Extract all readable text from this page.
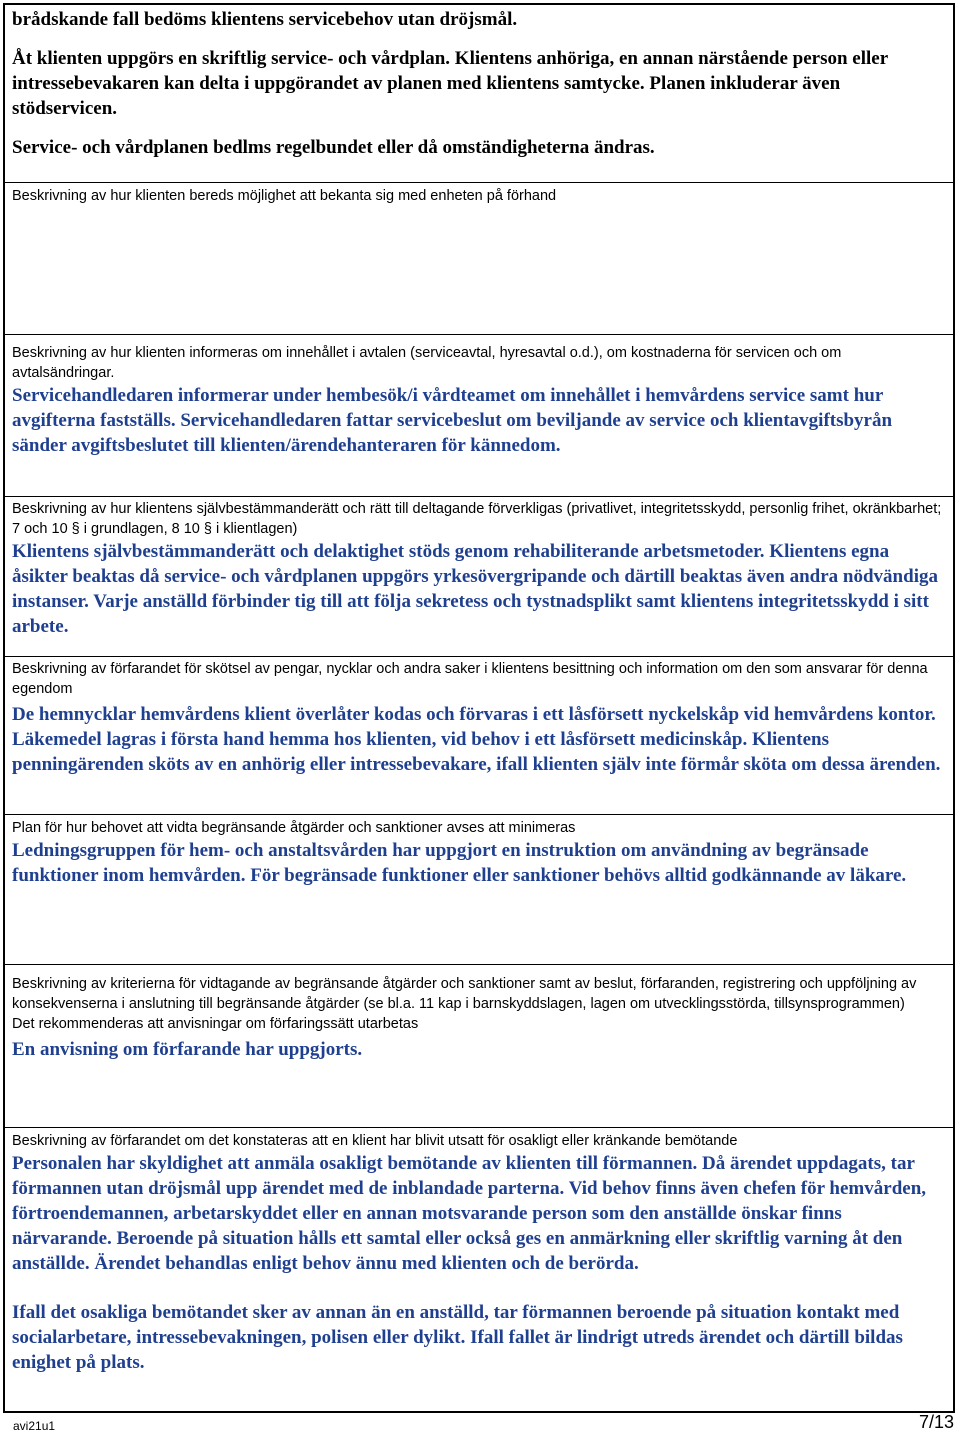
brådskande fall bedöms klientens servicebehov utan dröjsmål.

Åt klienten uppgörs en skriftlig service- och vårdplan. Klientens anhöriga, en annan närstående person eller intressebevakaren kan delta i uppgörandet av planen med klientens samtycke. Planen inkluderar även stödservicen.

Service- och vårdplanen bedlms regelbundet eller då omständigheterna ändras.

Beskrivning av hur klienten bereds möjlighet att bekanta sig med enheten på förhand

Beskrivning av hur klienten informeras om innehållet i avtalen (serviceavtal, hyresavtal o.d.), om kostnaderna för servicen och om avtalsändringar.

Servicehandledaren informerar under hembesök/i vårdteamet om innehållet i hemvårdens service samt hur avgifterna fastställs. Servicehandledaren fattar servicebeslut om beviljande av service och klientavgiftsbyrån sänder avgiftsbeslutet till klienten/ärendehanteraren för kännedom.

Beskrivning av hur klientens självbestämmanderätt och rätt till deltagande förverkligas (privatlivet, integritetsskydd, personlig frihet, okränkbarhet; 7 och 10 § i grundlagen, 8 10 § i klientlagen)

Klientens självbestämmanderätt och delaktighet stöds genom rehabiliterande arbetsmetoder. Klientens egna åsikter beaktas då service- och vårdplanen uppgörs yrkesövergripande och därtill beaktas även andra nödvändiga instanser. Varje anställd förbinder tig till att följa sekretess och tystnadsplikt samt klientens integritetsskydd i sitt arbete.

Beskrivning av förfarandet för skötsel av pengar, nycklar och andra saker i klientens besittning och information om den som ansvarar för denna egendom

De hemnycklar hemvårdens klient överlåter kodas och förvaras i ett låsförsett nyckelskåp vid hemvårdens kontor. Läkemedel lagras i första hand hemma hos klienten, vid behov i ett låsförsett medicinskåp. Klientens penningärenden sköts av en anhörig eller intressebevakare, ifall klienten själv inte förmår sköta om dessa ärenden.

Plan för hur behovet att vidta begränsande åtgärder och sanktioner avses att minimeras

Ledningsgruppen för hem- och anstaltsvården har uppgjort en instruktion om användning av begränsade funktioner inom hemvården. För begränsade funktioner eller sanktioner behövs alltid godkännande av läkare.

Beskrivning av kriterierna för vidtagande av begränsande åtgärder och sanktioner samt av beslut, förfaranden, registrering och uppföljning av konsekvenserna i anslutning till begränsande åtgärder (se bl.a. 11 kap i barnskyddslagen, lagen om utvecklingsstörda, tillsynsprogrammen)

Det rekommenderas att anvisningar om förfaringssätt utarbetas

En anvisning om förfarande har uppgjorts.

Beskrivning av förfarandet om det konstateras att en klient har blivit utsatt för osakligt eller kränkande bemötande

Personalen har skyldighet att anmäla osakligt bemötande av klienten till förmannen. Då ärendet uppdagats, tar förmannen utan dröjsmål upp ärendet med de inblandade parterna. Vid behov finns även chefen för hemvården, förtroendemannen, arbetarskyddet eller en annan motsvarande person som den anställde önskar finns närvarande. Beroende på situation hålls ett samtal eller också ges en anmärkning eller skriftlig varning åt den anställde. Ärendet behandlas enligt behov ännu med klienten och de berörda.

Ifall det osakliga bemötandet sker av annan än en anställd, tar förmannen beroende på situation kontakt med socialarbetare, intressebevakningen, polisen eller dylikt. Ifall fallet är lindrigt utreds ärendet och därtill bildas enighet på plats.

avi21u1	7/13
